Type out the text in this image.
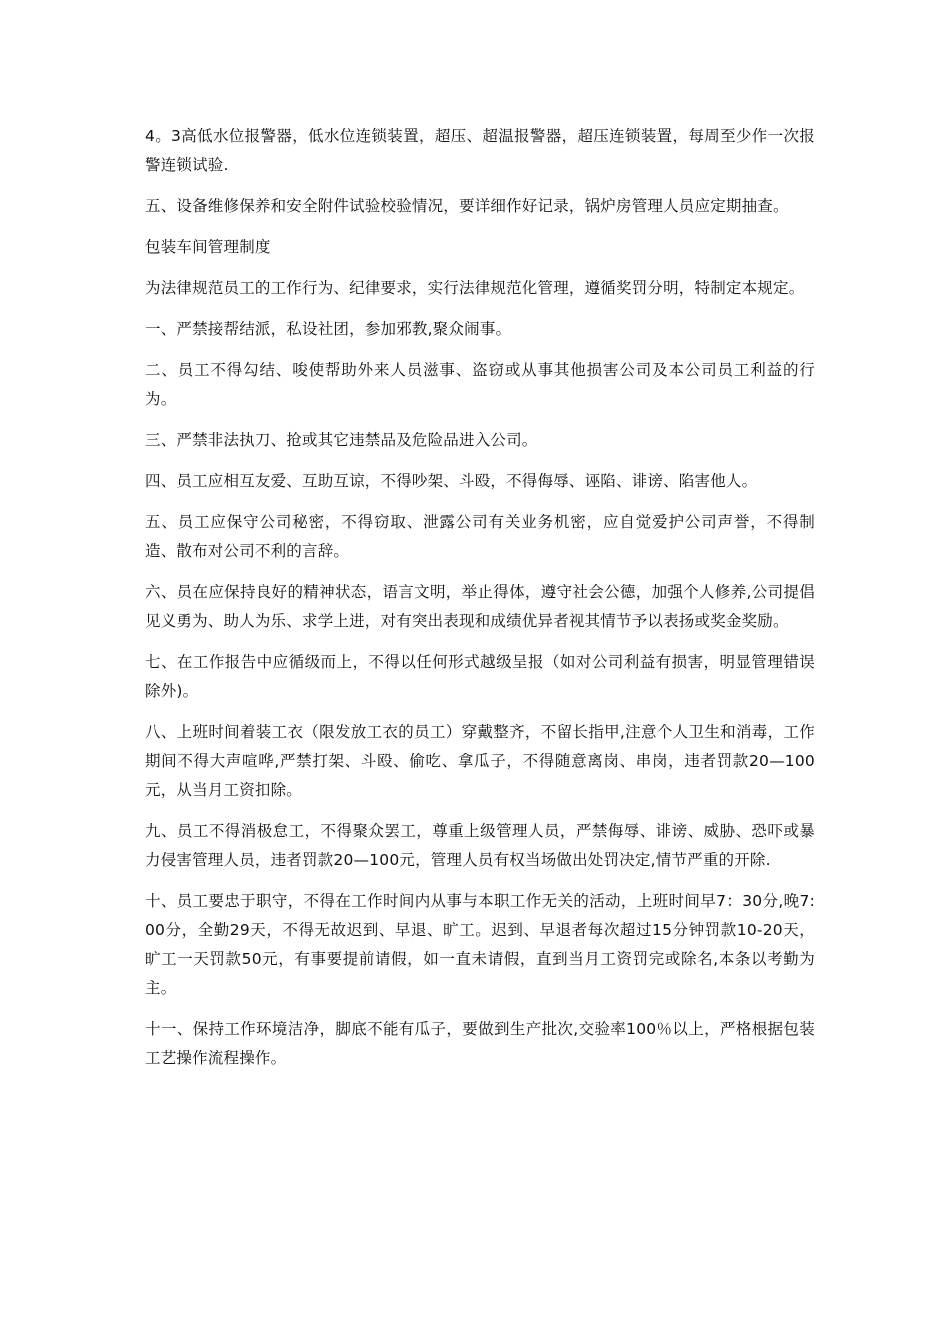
4。3高低水位报警器，低水位连锁装置，超压、超温报警器，超压连锁装置，每周至少作一次报警连锁试验.

五、设备维修保养和安全附件试验校验情况，要详细作好记录，锅炉房管理人员应定期抽查。

包装车间管理制度

为法律规范员工的工作行为、纪律要求，实行法律规范化管理，遵循奖罚分明，特制定本规定。

一、严禁接帮结派，私设社团，参加邪教,聚众闹事。

二、员工不得勾结、唆使帮助外来人员滋事、盗窃或从事其他损害公司及本公司员工利益的行为。

三、严禁非法执刀、抢或其它违禁品及危险品进入公司。

四、员工应相互友爱、互助互谅，不得吵架、斗殴，不得侮辱、诬陷、诽谤、陷害他人。

五、员工应保守公司秘密，不得窃取、泄露公司有关业务机密，应自觉爱护公司声誉，不得制造、散布对公司不利的言辞。

六、员在应保持良好的精神状态，语言文明，举止得体，遵守社会公德，加强个人修养,公司提倡见义勇为、助人为乐、求学上进，对有突出表现和成绩优异者视其情节予以表扬或奖金奖励。

七、在工作报告中应循级而上，不得以任何形式越级呈报（如对公司利益有损害，明显管理错误除外)。

八、上班时间着装工衣（限发放工衣的员工）穿戴整齐，不留长指甲,注意个人卫生和消毒，工作期间不得大声喧哗,严禁打架、斗殴、偷吃、拿瓜子，不得随意离岗、串岗，违者罚款20—100元，从当月工资扣除。

九、员工不得消极怠工，不得聚众罢工，尊重上级管理人员，严禁侮辱、诽谤、威胁、恐吓或暴力侵害管理人员，违者罚款20—100元，管理人员有权当场做出处罚决定,情节严重的开除.

十、员工要忠于职守，不得在工作时间内从事与本职工作无关的活动，上班时间早7：30分,晚7:00分，全勤29天，不得无故迟到、早退、旷工。迟到、早退者每次超过15分钟罚款10-20天，旷工一天罚款50元，有事要提前请假，如一直未请假，直到当月工资罚完或除名,本条以考勤为主。

十一、保持工作环境洁净，脚底不能有瓜子，要做到生产批次,交验率100％以上，严格根据包装工艺操作流程操作。
